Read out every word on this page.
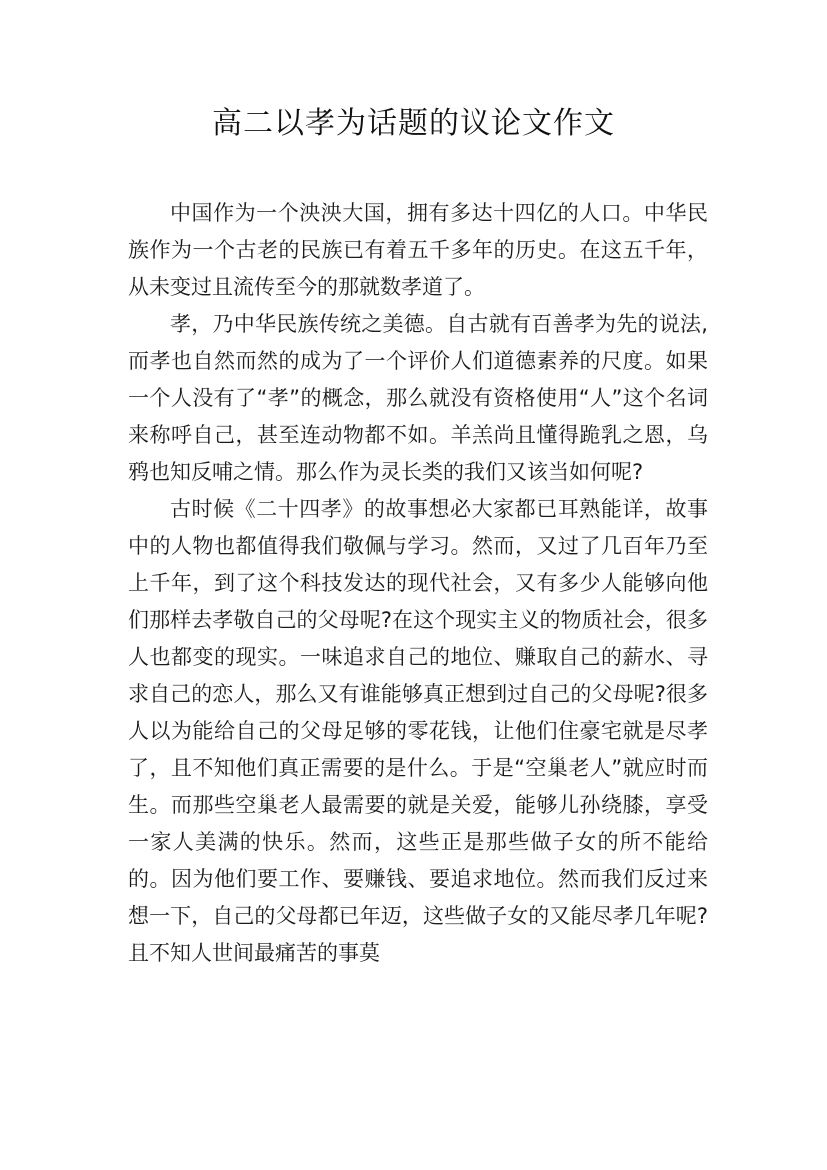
高二以孝为话题的议论文作文

中国作为一个泱泱大国，拥有多达十四亿的人口。中华民族作为一个古老的民族已有着五千多年的历史。在这五千年，从未变过且流传至今的那就数孝道了。

孝，乃中华民族传统之美德。自古就有百善孝为先的说法,而孝也自然而然的成为了一个评价人们道德素养的尺度。如果一个人没有了“孝”的概念，那么就没有资格使用“人”这个名词来称呼自己，甚至连动物都不如。羊羔尚且懂得跪乳之恩，乌鸦也知反哺之情。那么作为灵长类的我们又该当如何呢?

古时候《二十四孝》的故事想必大家都已耳熟能详，故事中的人物也都值得我们敬佩与学习。然而，又过了几百年乃至上千年，到了这个科技发达的现代社会，又有多少人能够向他们那样去孝敬自己的父母呢?在这个现实主义的物质社会，很多人也都变的现实。一味追求自己的地位、赚取自己的薪水、寻求自己的恋人，那么又有谁能够真正想到过自己的父母呢?很多人以为能给自己的父母足够的零花钱，让他们住豪宅就是尽孝了，且不知他们真正需要的是什么。于是“空巢老人”就应时而生。而那些空巢老人最需要的就是关爱，能够儿孙绕膝，享受一家人美满的快乐。然而，这些正是那些做子女的所不能给的。因为他们要工作、要赚钱、要追求地位。然而我们反过来想一下，自己的父母都已年迈，这些做子女的又能尽孝几年呢?且不知人世间最痛苦的事莫
